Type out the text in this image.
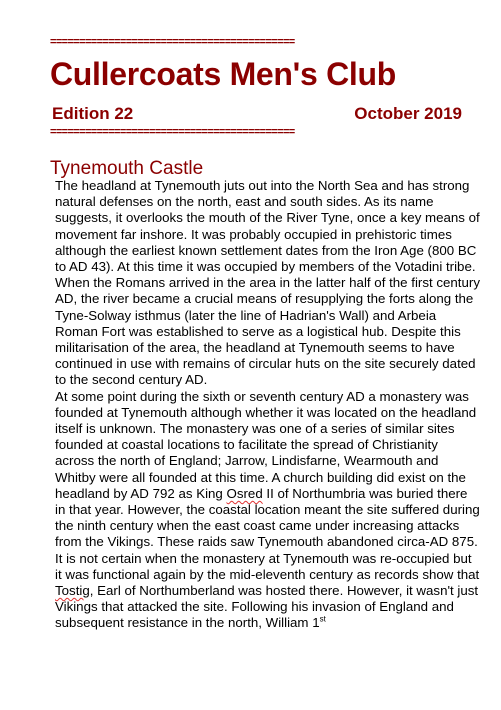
==========================================
Cullercoats Men's Club
Edition 22	October 2019
==========================================
Tynemouth Castle

The headland at Tynemouth juts out into the North Sea and has strong natural defenses on the north, east and south sides. As its name suggests, it overlooks the mouth of the River Tyne, once a key means of movement far inshore. It was probably occupied in prehistoric times although the earliest known settlement dates from the Iron Age (800 BC to AD 43). At this time it was occupied by members of the Votadini tribe. When the Romans arrived in the area in the latter half of the first century AD, the river became a crucial means of resupplying the forts along the Tyne-Solway isthmus (later the line of Hadrian's Wall) and Arbeia Roman Fort was established to serve as a logistical hub. Despite this militarisation of the area, the headland at Tynemouth seems to have continued in use with remains of circular huts on the site securely dated to the second century AD.

At some point during the sixth or seventh century AD a monastery was founded at Tynemouth although whether it was located on the headland itself is unknown. The monastery was one of a series of similar sites founded at coastal locations to facilitate the spread of Christianity across the north of England; Jarrow, Lindisfarne, Wearmouth and Whitby were all founded at this time. A church building did exist on the headland by AD 792 as King Osred II of Northumbria was buried there in that year. However, the coastal location meant the site suffered during the ninth century when the east coast came under increasing attacks from the Vikings. These raids saw Tynemouth abandoned circa-AD 875. It is not certain when the monastery at Tynemouth was re-occupied but it was functional again by the mid-eleventh century as records show that Tostig, Earl of Northumberland was hosted there. However, it wasn't just Vikings that attacked the site. Following his invasion of England and subsequent resistance in the north, William 1st
